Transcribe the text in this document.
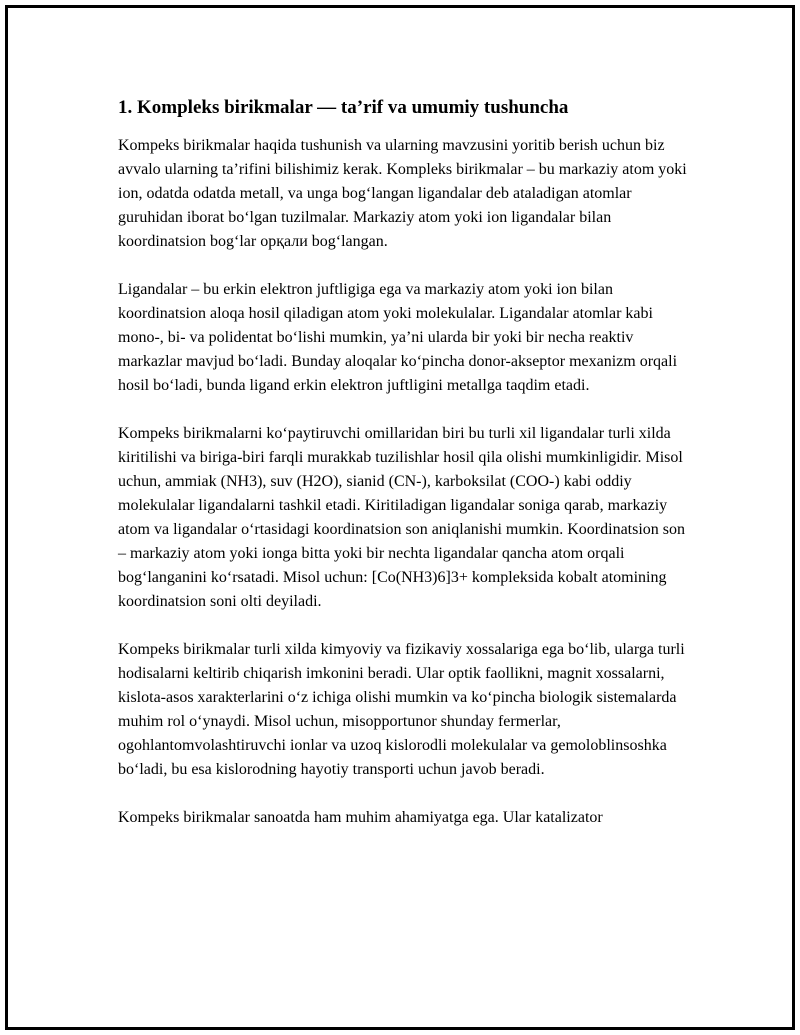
1. Kompleks birikmalar — ta’rif va umumiy tushuncha

Kompeks birikmalar haqida tushunish va ularning mavzusini yoritib berish uchun biz avvalo ularning ta’rifini bilishimiz kerak. Kompleks birikmalar – bu markaziy atom yoki ion, odatda odatda metall, va unga bog‘langan ligandalar deb ataladigan atomlar guruhidan iborat bo‘lgan tuzilmalar. Markaziy atom yoki ion ligandalar bilan koordinatsion bog‘lar орқали bog‘langan.

Ligandalar – bu erkin elektron juftligiga ega va markaziy atom yoki ion bilan koordinatsion aloqa hosil qiladigan atom yoki molekulalar. Ligandalar atomlar kabi mono-, bi- va polidentat bo‘lishi mumkin, ya’ni ularda bir yoki bir necha reaktiv markazlar mavjud bo‘ladi. Bunday aloqalar ko‘pincha donor-akseptor mexanizm orqali hosil bo‘ladi, bunda ligand erkin elektron juftligini metallga taqdim etadi.

Kompeks birikmalarni ko‘paytiruvchi omillaridan biri bu turli xil ligandalar turli xilda kiritilishi va biriga-biri farqli murakkab tuzilishlar hosil qila olishi mumkinligidir. Misol uchun, ammiak (NH3), suv (H2O), sianid (CN-), karboksilat (COO-) kabi oddiy molekulalar ligandalarni tashkil etadi. Kiritiladigan ligandalar soniga qarab, markaziy atom va ligandalar o‘rtasidagi koordinatsion son aniqlanishi mumkin. Koordinatsion son – markaziy atom yoki ionga bitta yoki bir nechta ligandalar qancha atom orqali bog‘langanini ko‘rsatadi. Misol uchun: [Co(NH3)6]3+ kompleksida kobalt atomining koordinatsion soni olti deyiladi.

Kompeks birikmalar turli xilda kimyoviy va fizikaviy xossalariga ega bo‘lib, ularga turli hodisalarni keltirib chiqarish imkonini beradi. Ular optik faollikni, magnit xossalarni, kislota-asos xarakterlarini o‘z ichiga olishi mumkin va ko‘pincha biologik sistemalarda muhim rol o‘ynaydi. Misol uchun, misopportunor shunday fermerlar, ogohlantomvolashtiruvchi ionlar va uzoq kislorodli molekulalar va gemoloblinsoshka bo‘ladi, bu esa kislorodning hayotiy transporti uchun javob beradi.

Kompeks birikmalar sanoatda ham muhim ahamiyatga ega. Ular katalizator
